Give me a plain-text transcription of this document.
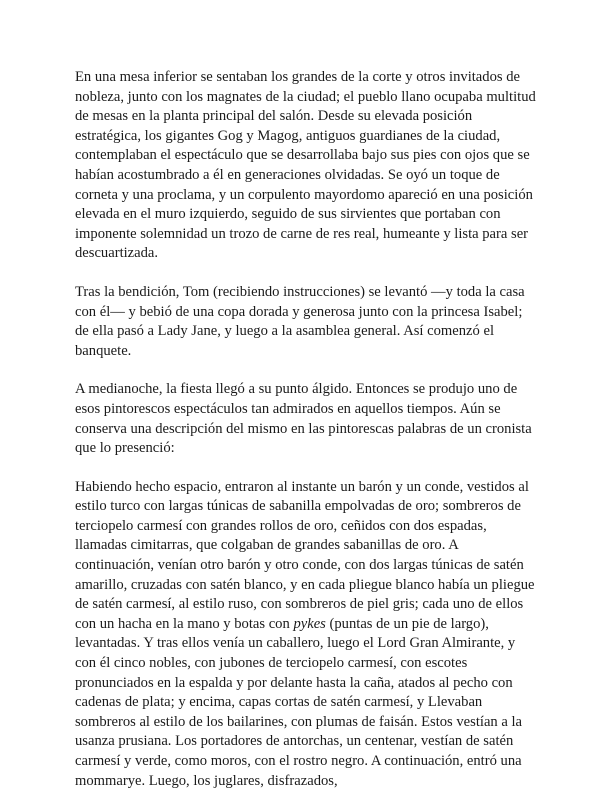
En una mesa inferior se sentaban los grandes de la corte y otros invitados de nobleza, junto con los magnates de la ciudad; el pueblo llano ocupaba multitud de mesas en la planta principal del salón. Desde su elevada posición estratégica, los gigantes Gog y Magog, antiguos guardianes de la ciudad, contemplaban el espectáculo que se desarrollaba bajo sus pies con ojos que se habían acostumbrado a él en generaciones olvidadas. Se oyó un toque de corneta y una proclama, y un corpulento mayordomo apareció en una posición elevada en el muro izquierdo, seguido de sus sirvientes que portaban con imponente solemnidad un trozo de carne de res real, humeante y lista para ser descuartizada.

Tras la bendición, Tom (recibiendo instrucciones) se levantó —y toda la casa con él— y bebió de una copa dorada y generosa junto con la princesa Isabel; de ella pasó a Lady Jane, y luego a la asamblea general. Así comenzó el banquete.

A medianoche, la fiesta llegó a su punto álgido. Entonces se produjo uno de esos pintorescos espectáculos tan admirados en aquellos tiempos. Aún se conserva una descripción del mismo en las pintorescas palabras de un cronista que lo presenció:

Habiendo hecho espacio, entraron al instante un barón y un conde, vestidos al estilo turco con largas túnicas de sabanilla empolvadas de oro; sombreros de terciopelo carmesí con grandes rollos de oro, ceñidos con dos espadas, llamadas cimitarras, que colgaban de grandes sabanillas de oro. A continuación, venían otro barón y otro conde, con dos largas túnicas de satén amarillo, cruzadas con satén blanco, y en cada pliegue blanco había un pliegue de satén carmesí, al estilo ruso, con sombreros de piel gris; cada uno de ellos con un hacha en la mano y botas con pykes (puntas de un pie de largo), levantadas. Y tras ellos venía un caballero, luego el Lord Gran Almirante, y con él cinco nobles, con jubones de terciopelo carmesí, con escotes pronunciados en la espalda y por delante hasta la caña, atados al pecho con cadenas de plata; y encima, capas cortas de satén carmesí, y Llevaban sombreros al estilo de los bailarines, con plumas de faisán. Estos vestían a la usanza prusiana. Los portadores de antorchas, un centenar, vestían de satén carmesí y verde, como moros, con el rostro negro. A continuación, entró una mommarye. Luego, los juglares, disfrazados,
